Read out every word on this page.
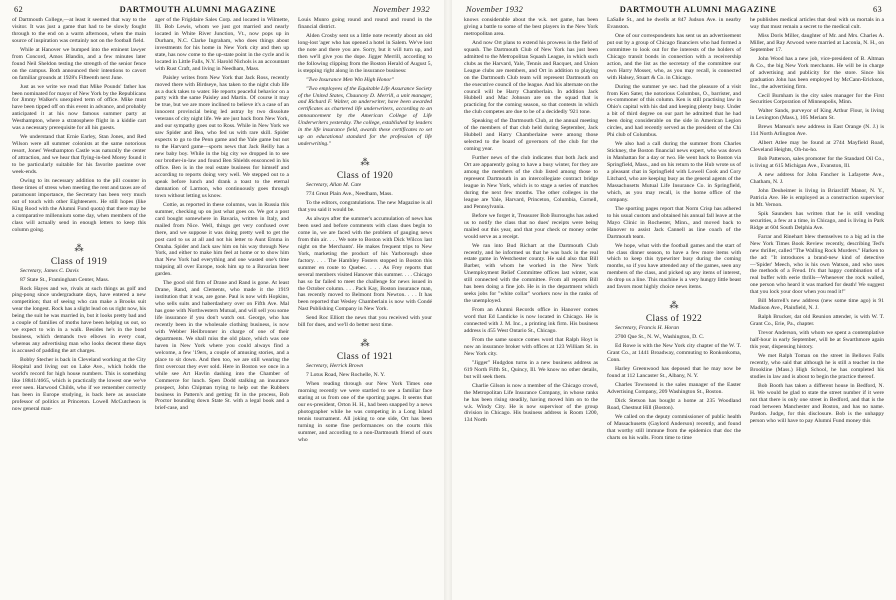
62	DARTMOUTH ALUMNI MAGAZINE	November 1932

of Dartmouth College,—at least it seemed that way to the visitor. It was just a game that had to be slowly fought through to the end on a warm afternoon, when the main source of inspiration was certainly not on the football field.

While at Hanover we bumped into the eminent lawyer from Concord, Amos Blandin, and a few minutes later found Neil Sheldon testing the strength of the senior fence on the campus. Both announced their intentions to cavort on familiar grounds at 1928's Fifteenth next June.

Just as we write we read that Mike Pounds' father has been nominated for mayor of New York by the Republicans for Jimmy Walker's unexpired term of office. Mike must have been tipped off on this event in advance, and probably anticipated it at his now famous summer party at Westhampton, where a stratosphere flight in a kiddie cart was a necessary prerequisite for all his guests.

We understand that Ernie Earley, Stan Jones, and Red Wilson were all summer colonists at the same notorious resort, Jones' Westhampton Castle was naturally the center of attraction, and we hear that flying-in-bed Morey found it to be particularly suitable for his favorite pastime over week-ends.

Owing to its necessary addition to the pill counter in these times of stress when meeting the rent and taxes are of paramount importance, the Secretary has been very much out of touch with other Eighteeners. He still hopes (like King Rood with the Alumni Fund quota) that there may be a comparative millennium some day, when members of the class will actually send in enough letters to keep this column going.

⁂
Class of 1919

Secretary, James C. Davis

87 State St., Framingham Center, Mass.

Rock Hayes and we, rivals at such things as golf and ping-pong since undergraduate days, have entered a new competition; that of seeing who can make a Brooks suit wear the longest. Rock has a slight lead on us right now, his being the suit he was married in, but it looks pretty bad and a couple of families of moths have been helping us out, so we expect to win in a walk. Besides he's in the bond business, which demands two elbows in every coat, whereas any advertising man who looks decent these days is accused of padding the art charges.

Bobby Stecher is back in Cleveland working at the City Hospital and living out on Lake Ave., which holds the world's record for high house numbers. This is something like 18841/4665, which is practically the lowest one we've ever seen. Harwood Childs, who if we remember correctly has been in Europe studying, is back here as associate professor of politics at Princeton. Lowell McCutcheon is now general man-

ager of the Frigidaire Sales Corp. and located in Wilmette, Ill. Bob Lewis, whom we just got married and nearly located in White River Junction, Vt., now pops up in Durham, N.C. Clarke Ingraham, who does things about investments for his home in New York city and then up state, has now come to the up-state point in the cycle and is located in Little Falls, N.Y. Harold Nichols is an accountant with Rust Craft, and living in Needham, Mass.

Paisley writes from New York that Jack Ross, recently moved there with Birdseye, has taken to the night club life as a duck takes to water. He reports peaceful behavior on a party with the same Paisley and Martin. Of course it may be true, but we are more inclined to believe it's a case of an innocent provincial being led astray by two dissolute veterans of city night life. We are just back from New York, and our sympathy goes out to Ross. While in New York we saw Spider and Bea, who fed us with rare skill. Spider expects to go to the Penn game and the Yale game but not to the Harvard game—sports news that Jack Reilly has a new baby boy. While in the big city we dropped in to see our brother-in-law and found Ben Shields ensconced in his office. Ben is in the real estate business for himself and according to reports doing very well. We stepped out to a speak before lunch and drank a toast to the eternal damnation of Larmon, who continuously goes through town without letting us know.

Cottie, as reported in these columns, was in Russia this summer, checking up on just what goes on. We got a post card bought somewhere in Bavaria, written in Italy, and mailed from Nice. Well, things get very confused over there, and we suppose it was doing pretty well to get the post card to us at all and not his letter to Aunt Emma in Omaha. Spider and Jack saw him on his way through New York, and either to make him feel at home or to show him that New York had everything and one wasted one's time traipsing all over Europe, took him up to a Bavarian beer garden.

The good old firm of Drane and Rand is gone. At least Drane, Rand, and Clements, who made it the 1919 institution that it was, are gone. Paul is now with Hopkins, who sells suits and haberdashery over on Fifth Ave. Mal has gone with Northwestern Mutual, and will sell you some life insurance if you don't watch out. George, who has recently been in the wholesale clothing business, is now with Webber Heilbronner in charge of one of their departments. We shall miss the old place, which was one haven in New York where you could always find a welcome, a few '19ers, a couple of amusing stories, and a place to sit down. And then too, we are still wearing the first overcoat they ever sold. Here in Boston we once in a while see Art Havlin dashing into the Chamber of Commerce for lunch. Spen Dodd stalking an insurance prospect, John Chipman trying to help out the Rubbers business in Pattern's and getting fit in the process, Bob Proctor bounding down State St. with a legal book and a brief-case, and

Louis Munro going round and round and round in the financial district.

Alden Crosby sent us a little note recently about an old long-lost 'ager who has opened a hotel in Salem. We've lost the note and there you are. Sorry, but it will turn up, and then we'll give you the dope. Jigger Merrill, according to the following clipping from the Boston Herald of August 5, is stepping right along in the insurance business:

"Two Insurance Men Win High Honor"

"Two employees of the Equitable Life Assurance Society of the United States, Chauncey D. Merrill, a unit manager, and Richard F. Walter, an underwriter, have been awarded certificates as chartered life underwriters, according to an announcement by the American College of Life Underwriters yesterday. The college, established by leaders in the life insurance field, awards these certificates to set up an educational standard for the profession of life underwriting."

⁂
Class of 1920

Secretary, Allan M. Cate

774 Great Plain Ave., Needham, Mass.

To the editors, congratulations. The new Magazine is all that you said it would be.

As always after the summer's accumulation of news has been used and before comments with class dues begin to come in, we are faced with the problem of gauging news from thin air. . . . We note to Boston with Dick Wilcox last night on the Merchants'. He makes frequent trips to New York, marketing the product of his Yarborough shoe factory. . . . The Hambley Fosters stopped in Boston this summer en route to Quebec. . . . As Frey reports that several members visited Hanover this summer. . . . Chicago has so far failed to meet the challenge for news issued in the October column. . . . Pack Kay, Boston insurance man, has recently moved to Belmont from Newton. . . . It has been reported that Wesley Chamberlain is now with Condé Nast Publishing Company in New York.

Send Roc Elliott the news that you received with your bill for dues, and we'll do better next time.

⁂
Class of 1921

Secretary, Herrick Brown

7 Lotus Road, New Rochelle, N. Y.

When reading through our New York Times one morning recently we were startled to see a familiar face staring at us from one of the sporting pages. It seems that our ex-president, Orton H. H., had been snapped by a news photographer while he was competing in a Long Island tennis tournament. All joking to one side, Ort has been turning in some fine performances on the courts this summer, and according to a non-Dartmouth friend of ours who

November 1932	DARTMOUTH ALUMNI MAGAZINE	63

knows considerable about the w.k. net game, has been giving a battle to some of the best players in the New York metropolitan area.

And now Ort plans to extend his prowess in the field of squash. The Dartmouth Club of New York has just been admitted to the Metropolitan Squash League, in which such clubs as the Harvard, Yale, Tennis and Racquet, and Union League clubs are members, and Ort in addition to playing on the Dartmouth Club team will represent Dartmouth on the executive council of the league. And his alternate on the council will be Harry Chamberlain. In addition Jack Hubbell and Mac Johnson are on the squad that is practicing for the coming season, so that contests in which the club competes are due to be of a decidedly '921 tone.

Speaking of the Dartmouth Club, at the annual meeting of the members of that club held during September, Jack Hubbell and Harry Chamberlaine were among those selected to the board of governors of the club for the coming year.

Further news of the club indicates that both Jack and Ort are apparently going to have a busy winter, for they are among the members of the club listed among those to represent Dartmouth in an intercollegiate contract bridge league in New York, which is to stage a series of matches during the next few months. The other colleges in the league are Yale, Harvard, Princeton, Columbia, Cornell, and Pennsylvania.

Before we forget it, Treasurer Bob Burroughs has asked us to notify the class that no dues' receipts were being mailed out this year, and that your check or money order would serve as a receipt.

We ran into Bud Richart at the Dartmouth Club recently, and he informed us that he was back in the real estate game in Westchester county. He said also that Bill Barber, with whom he worked in the New York Unemployment Relief Committee offices last winter, was still connected with the committee. From all reports Bill has been doing a fine job. He is in the department which seeks jobs for "white collar" workers now in the ranks of the unemployed.

From an Alumni Records office in Hanover comes word that Ed Landicke is now located in Chicago. He is connected with J. M. Inc., a printing ink firm. His business address is 455 West Ontario St., Chicago.

From the same source comes word that Ralph Hoyt is now an insurance broker with offices at 123 William St. in New York city.

"Jigger" Hudgdon turns in a new business address as 619 North Fifth St., Quincy, Ill. We know no other details, but will seek them.

Charlie Gilson is now a member of the Chicago crowd, the Metropolitan Life Insurance Company, in whose ranks he has been rising steadily, having moved him on to the w.k. Windy City. He is now supervisor of the group division in Chicago. His business address is Room 1200, 134 North

LaSalle St., and he dwells at 847 Judson Ave. in nearby Evanston.

One of our correspondents has sent us an advertisement put out by a group of Chicago financiers who had formed a committee to look out for the interests of the holders of Chicago transit bonds in connection with a receivership action, and the list as the secretary of the committee our own Harry Mosser, who, as you may recall, is connected with Halsey, Stuart & Co. in Chicago.

During the summer ye sec. had the pleasure of a visit from Ken Sater, the notorious Columbus, O., barrister, and ex-commoner of this column. Ken is still practising law in Ohio's capital with his dad and keeping plenty busy. Under a bit of third degree on our part he admitted that he had been doing considerable on the side in American Legion circles, and had recently served as the president of the Chi Phi club of Columbus.

We also had a call during the summer from Charles Stickney, the Boston financial news expert, who was down in Manhattan for a day or two. He went back to Boston via Springfield, Mass., and on his return to the Hub wrote us of a pleasant chat in Springfield with Lowell Cook and Cory Litchard, who are keeping busy as the general agents of the Massachusetts Mutual Life Insurance Co. in Springfield, which, as you may recall, is the home office of the company.

The sporting pages report that Norm Crisp has adhered to his usual custom and obtained his annual fall leave at the Mayo Clinic in Rochester, Minn., and moved back to Hanover to assist Jack Cannell as line coach of the Dartmouth team.

We hope, what with the football games and the start of the class dinner season, to have a few more items with which to keep this typewriter busy during the coming months, so if you have attended any of the games, seen any members of the class, and picked up any items of interest, do drop us a line. This machine is a very hungry little beast and favors most highly choice news items.

⁂
Class of 1922

Secretary, Francis H. Horan

2700 Que St., N. W., Washington, D. C.

Ed Rowe is with the New York city chapter of the W. T. Grant Co., at 1441 Broadway, commuting to Ronkonkoma, Conn.

Harley Greenwood has deposed that he may now be found at 112 Lancaster St., Albany, N. Y.

Charles Townsend is the sales manager of the Easter Advertising Company, 209 Washington St., Boston.

Dick Stetson has bought a home at 235 Woodland Road, Chestnut Hill (Boston).

We called on the deputy commissioner of public health of Massachusetts (Gaylord Anderson) recently, and found that worthy still immune from the epidemics that doc the charts on his walls. From time to time

he publishes medical articles that deal with us mortals in a way that must remain a secret to the medical cult.

Miss Doris Miller, daughter of Mr. and Mrs. Charles A. Miller, and Ray Atwood were married at Laconia, N. H., on September 17.

John Wood has a new job, vice-president of B. Altman & Co., the big New York merchants. He will be in charge of advertising and publicity for the store. Since his graduation John has been employed by McCann-Erickson, Inc., the advertising firm.

Cecil Burnham is the city sales manager for the First Securities Corporation of Minneapolis, Minn.

Walter Sands, purveyor of King Arthur Flour, is living in Lexington (Mass.), 105 Meriam St.

Brews Marean's new address in East Orange (N. J.) is 114 North Arlington Ave.

Albert Atlee may be found at 2744 Mayfield Road, Cleveland Heights, Oh-ho-ho.

Bob Patterson, sales promoter for the Standard Oil Co., is living at 615 Michigan Ave., Evanston, Ill.

A new address for John Fancher is Lafayette Ave., Chatham, N. J.

John Deuheimer is living in Briarcliff Manor, N. Y., Patricia Ave. He is employed as a construction supervisor in Mt. Vernon.

Spik Saunders has written that he is still vending securities, a few at a time, in Chicago, and is living in Park Ridge at 604 South Delphia Ave.

Farrar and Rinehart blew themselves to a big ad in the New York Times Book Review recently, describing Ted's new thriller, called "The Walling Rock Murders." Harken to the ad: "It introduces a brand-new kind of detective—'Spider' Meech, who is his own Watson, and who uses the methods of a Freud. It's that happy combination of a real buffer with eerie thrills—Whenever the rock walled, one person who heard it was marked for death! We suggest that you lock your door when you read it!"

Bill Morrell's new address (new some time ago) is 91 Madison Ave., Plainfield, N. J.

Ralph Brucker, dat old Reunion attender, is with W. T. Grant Co., Erie, Pa., chapter.

Trevor Anderson, with whom we spent a contemplative half-hour in early September, will be at Swarthmore again this year, dispensing history.

We met Ralph Toman on the street in Bellows Falls recently, who said that although he is still a teacher in the Brookline (Mass.) High School, he has completed his studies in law and is about to begin the practice thereof.

Bob Booth has taken a different house in Bedford, N. H. We would be glad to state the street number if it were not that there is only one street in Bedford, and that is the road between Manchester and Boston, and has no name. Pardon. Judge, for this disclosure. Bob is the unhappy person who will have to pay Alumni Fund money this
